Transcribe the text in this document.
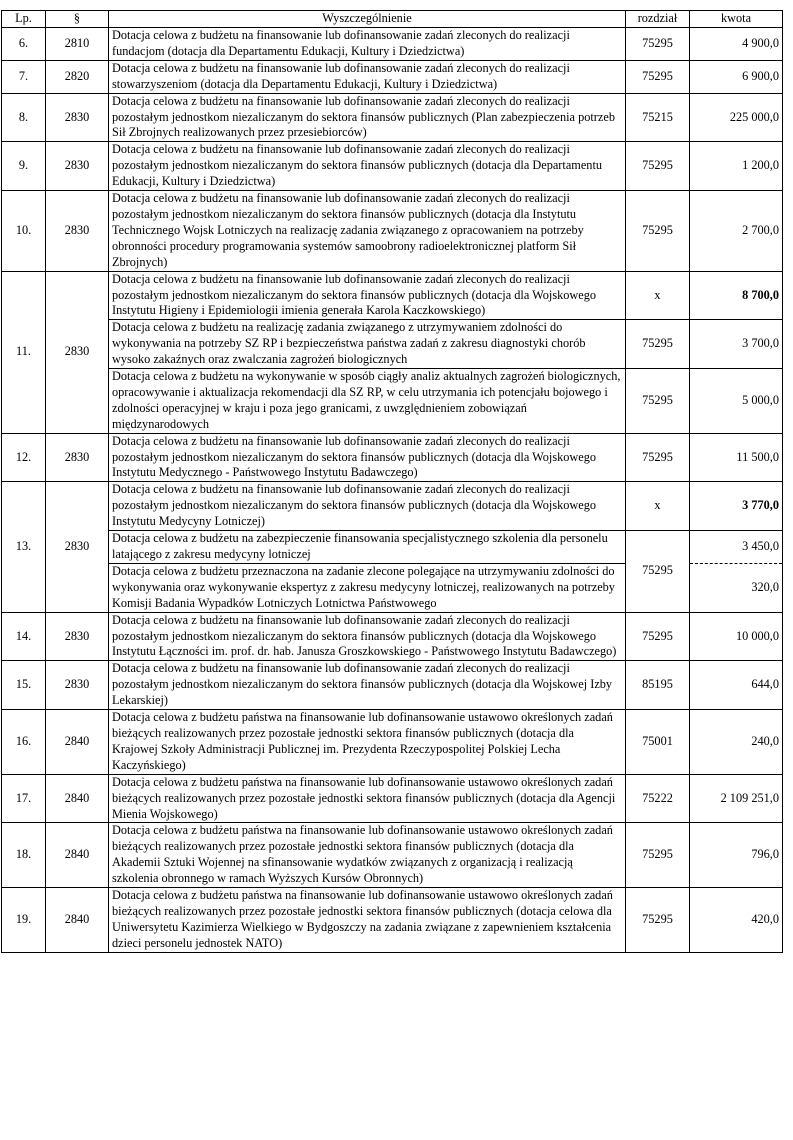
Lp.	§	Wyszczególnienie	rozdział	kwota
6.	2810	Dotacja celowa z budżetu na finansowanie lub dofinansowanie zadań zleconych do realizacji fundacjom (dotacja dla Departamentu Edukacji, Kultury i Dziedzictwa)	75295	4 900,0
7.	2820	Dotacja celowa z budżetu na finansowanie lub dofinansowanie zadań zleconych do realizacji stowarzyszeniom (dotacja dla Departamentu Edukacji, Kultury i Dziedzictwa)	75295	6 900,0
8.	2830	Dotacja celowa z budżetu na finansowanie lub dofinansowanie zadań zleconych do realizacji pozostałym jednostkom niezaliczanym do sektora finansów publicznych (Plan zabezpieczenia potrzeb Sił Zbrojnych realizowanych przez przesiebiorców)	75215	225 000,0
9.	2830	Dotacja celowa z budżetu na finansowanie lub dofinansowanie zadań zleconych do realizacji pozostałym jednostkom niezaliczanym do sektora finansów publicznych (dotacja dla Departamentu Edukacji, Kultury i Dziedzictwa)	75295	1 200,0
10.	2830	Dotacja celowa z budżetu na finansowanie lub dofinansowanie zadań zleconych do realizacji pozostałym jednostkom niezaliczanym do sektora finansów publicznych (dotacja dla Instytutu Technicznego Wojsk Lotniczych na realizację zadania związanego z opracowaniem na potrzeby obronności procedury programowania systemów samoobrony radioelektronicznej platform Sił Zbrojnych)	75295	2 700,0
11.	2830	Dotacja celowa z budżetu na finansowanie lub dofinansowanie zadań zleconych do realizacji pozostałym jednostkom niezaliczanym do sektora finansów publicznych (dotacja dla Wojskowego Instytutu Higieny i Epidemiologii imienia generała Karola Kaczkowskiego)	x	8 700,0
		Dotacja celowa z budżetu na realizację zadania związanego z utrzymywaniem zdolności do wykonywania na potrzeby SZ RP i bezpieczeństwa państwa zadań z zakresu diagnostyki chorób wysoko zakaźnych oraz zwalczania zagrożeń biologicznych	75295	3 700,0
		Dotacja celowa z budżetu na wykonywanie w sposób ciągły analiz aktualnych zagrożeń biologicznych, opracowywanie i aktualizacja rekomendacji dla SZ RP, w celu utrzymania ich potencjału bojowego i zdolności operacyjnej w kraju i poza jego granicami, z uwzględnieniem zobowiązań międzynarodowych	75295	5 000,0
12.	2830	Dotacja celowa z budżetu na finansowanie lub dofinansowanie zadań zleconych do realizacji pozostałym jednostkom niezaliczanym do sektora finansów publicznych (dotacja dla Wojskowego Instytutu Medycznego - Państwowego Instytutu Badawczego)	75295	11 500,0
13.	2830	Dotacja celowa z budżetu na finansowanie lub dofinansowanie zadań zleconych do realizacji pozostałym jednostkom niezaliczanym do sektora finansów publicznych (dotacja dla Wojskowego Instytutu Medycyny Lotniczej)	x	3 770,0
		Dotacja celowa z budżetu na zabezpieczenie finansowania specjalistycznego szkolenia dla personelu latającego z zakresu medycyny lotniczej	75295	3 450,0
		Dotacja celowa z budżetu przeznaczona na zadanie zlecone polegające na utrzymywaniu zdolności do wykonywania oraz wykonywanie ekspertyz z zakresu medycyny lotniczej, realizowanych na potrzeby Komisji Badania Wypadków Lotniczych Lotnictwa Państwowego		320,0
14.	2830	Dotacja celowa z budżetu na finansowanie lub dofinansowanie zadań zleconych do realizacji pozostałym jednostkom niezaliczanym do sektora finansów publicznych (dotacja dla Wojskowego Instytutu Łączności im. prof. dr. hab. Janusza Groszkowskiego - Państwowego Instytutu Badawczego)	75295	10 000,0
15.	2830	Dotacja celowa z budżetu na finansowanie lub dofinansowanie zadań zleconych do realizacji pozostałym jednostkom niezaliczanym do sektora finansów publicznych (dotacja dla Wojskowej Izby Lekarskiej)	85195	644,0
16.	2840	Dotacja celowa z budżetu państwa na finansowanie lub dofinansowanie ustawowo określonych zadań bieżących realizowanych przez pozostałe jednostki sektora finansów publicznych (dotacja dla Krajowej Szkoły Administracji Publicznej im. Prezydenta Rzeczypospolitej Polskiej Lecha Kaczyńskiego)	75001	240,0
17.	2840	Dotacja celowa z budżetu państwa na finansowanie lub dofinansowanie ustawowo określonych zadań bieżących realizowanych przez pozostałe jednostki sektora finansów publicznych (dotacja dla Agencji Mienia Wojskowego)	75222	2 109 251,0
18.	2840	Dotacja celowa z budżetu państwa na finansowanie lub dofinansowanie ustawowo określonych zadań bieżących realizowanych przez pozostałe jednostki sektora finansów publicznych (dotacja dla Akademii Sztuki Wojennej na sfinansowanie wydatków związanych z organizacją i realizacją szkolenia obronnego w ramach Wyższych Kursów Obronnych)	75295	796,0
19.	2840	Dotacja celowa z budżetu państwa na finansowanie lub dofinansowanie ustawowo określonych zadań bieżących realizowanych przez pozostałe jednostki sektora finansów publicznych (dotacja celowa dla Uniwersytetu Kazimierza Wielkiego w Bydgoszczy na zadania związane z zapewnieniem kształcenia dzieci personelu jednostek NATO)	75295	420,0
